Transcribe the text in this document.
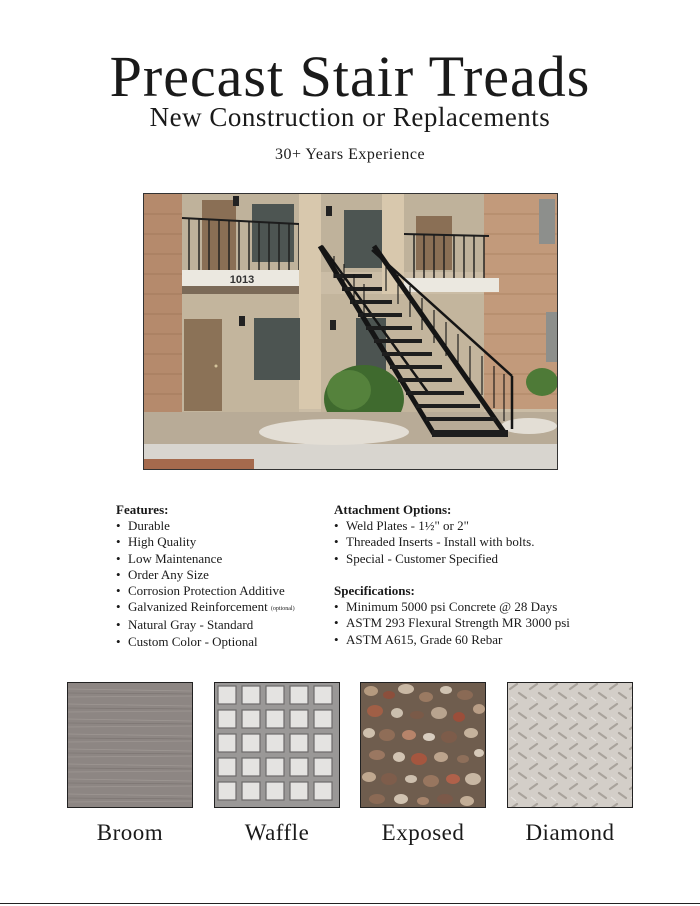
Precast Stair Treads
New Construction or Replacements
30+ Years Experience
1013
Features:
• Durable
• High Quality
• Low Maintenance
• Order Any Size
• Corrosion Protection Additive
• Galvanized Reinforcement (optional)
• Natural Gray - Standard
• Custom Color - Optional
Attachment Options:
• Weld Plates - 1½" or 2"
• Threaded Inserts - Install with bolts.
• Special - Customer Specified
Specifications:
• Minimum 5000 psi Concrete @ 28 Days
• ASTM 293 Flexural Strength MR 3000 psi
• ASTM A615, Grade 60 Rebar
Broom	Waffle	Exposed	Diamond
